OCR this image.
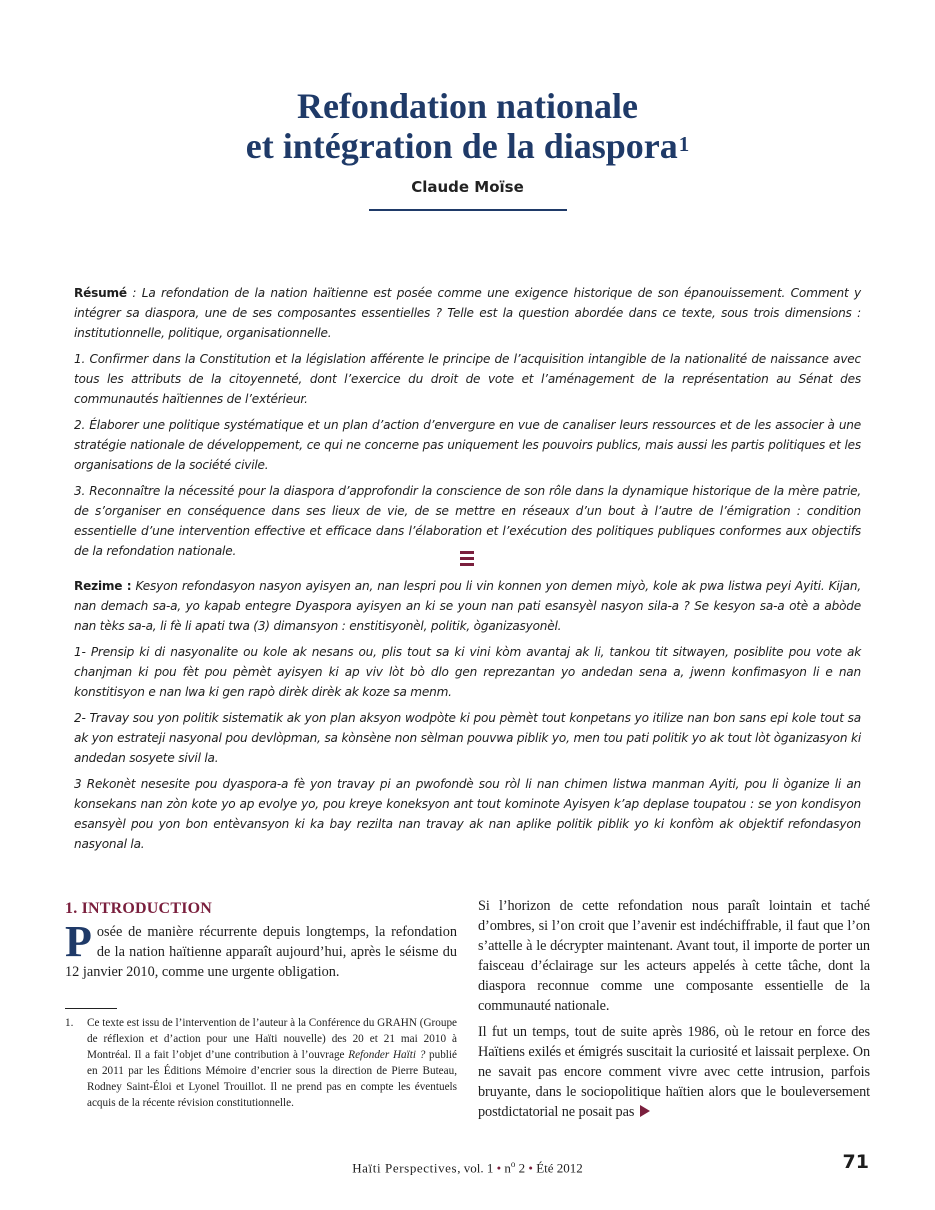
Refondation nationale
et intégration de la diaspora$^1$
Claude Moïse

Résumé : La refondation de la nation haïtienne est posée comme une exigence historique de son épanouissement. Comment y intégrer sa diaspora, une de ses composantes essentielles ? Telle est la question abordée dans ce texte, sous trois dimensions : institutionnelle, politique, organisationnelle.

1. Confirmer dans la Constitution et la législation afférente le principe de l’acquisition intangible de la nationalité de naissance avec tous les attributs de la citoyenneté, dont l’exercice du droit de vote et l’aménagement de la représentation au Sénat des communautés haïtiennes de l’extérieur.

2. Élaborer une politique systématique et un plan d’action d’envergure en vue de canaliser leurs ressources et de les associer à une stratégie nationale de développement, ce qui ne concerne pas uniquement les pouvoirs publics, mais aussi les partis politiques et les organisations de la société civile.

3. Reconnaître la nécessité pour la diaspora d’approfondir la conscience de son rôle dans la dynamique historique de la mère patrie, de s’organiser en conséquence dans ses lieux de vie, de se mettre en réseaux d’un bout à l’autre de l’émigration : condition essentielle d’une intervention effective et efficace dans l’élaboration et l’exécution des politiques publiques conformes aux objectifs de la refondation nationale.

Rezime : Kesyon refondasyon nasyon ayisyen an, nan lespri pou li vin konnen yon demen miyò, kole ak pwa listwa peyi Ayiti. Kijan, nan demach sa-a, yo kapab entegre Dyaspora ayisyen an ki se youn nan pati esansyèl nasyon sila-a ? Se kesyon sa-a otè a abòde nan tèks sa-a, li fè li apati twa (3) dimansyon : enstitisyonèl, politik, òganizasyonèl.

1- Prensip ki di nasyonalite ou kole ak nesans ou, plis tout sa ki vini kòm avantaj ak li, tankou tit sitwayen, posiblite pou vote ak chanjman ki pou fèt pou pèmèt ayisyen ki ap viv lòt bò dlo gen reprezantan yo andedan sena a, jwenn konfimasyon li e nan konstitisyon e nan lwa ki gen rapò dirèk dirèk ak koze sa menm.

2- Travay sou yon politik sistematik ak yon plan aksyon wodpòte ki pou pèmèt tout konpetans yo itilize nan bon sans epi kole tout sa ak yon estrateji nasyonal pou devlòpman, sa kònsène non sèlman pouvwa piblik yo, men tou pati politik yo ak tout lòt òganizasyon ki andedan sosyete sivil la.

3 Rekonèt nesesite pou dyaspora-a fè yon travay pi an pwofondè sou ròl li nan chimen listwa manman Ayiti, pou li òganize li an konsekans nan zòn kote yo ap evolye yo, pou kreye koneksyon ant tout kominote Ayisyen k’ap deplase toupatou : se yon kondisyon esansyèl pou yon bon entèvansyon ki ka bay rezilta nan travay ak nan aplike politik piblik yo ki konfòm ak objektif refondasyon nasyonal la.

1. INTRODUCTION

Posée de manière récurrente depuis longtemps, la refondation de la nation haïtienne apparaît aujourd’hui, après le séisme du 12 janvier 2010, comme une urgente obligation.

1.	Ce texte est issu de l’intervention de l’auteur à la Conférence du GRAHN (Groupe de réflexion et d’action pour une Haïti nouvelle) des 20 et 21 mai 2010 à Montréal. Il a fait l’objet d’une contribution à l’ouvrage Refonder Haïti ? publié en 2011 par les Éditions Mémoire d’encrier sous la direction de Pierre Buteau, Rodney Saint-Éloi et Lyonel Trouillot. Il ne prend pas en compte les éventuels acquis de la récente révision constitutionnelle.

Si l’horizon de cette refondation nous paraît lointain et taché d’ombres, si l’on croit que l’avenir est indéchiffrable, il faut que l’on s’attelle à le décrypter maintenant. Avant tout, il importe de porter un faisceau d’éclairage sur les acteurs appelés à cette tâche, dont la diaspora reconnue comme une composante essentielle de la communauté nationale.

Il fut un temps, tout de suite après 1986, où le retour en force des Haïtiens exilés et émigrés suscitait la curiosité et laissait perplexe. On ne savait pas encore comment vivre avec cette intrusion, parfois bruyante, dans le sociopolitique haïtien alors que le bouleversement postdictatorial ne posait pas

Haïti Perspectives, vol. 1 • $n^o$ 2 • Été 2012	71
